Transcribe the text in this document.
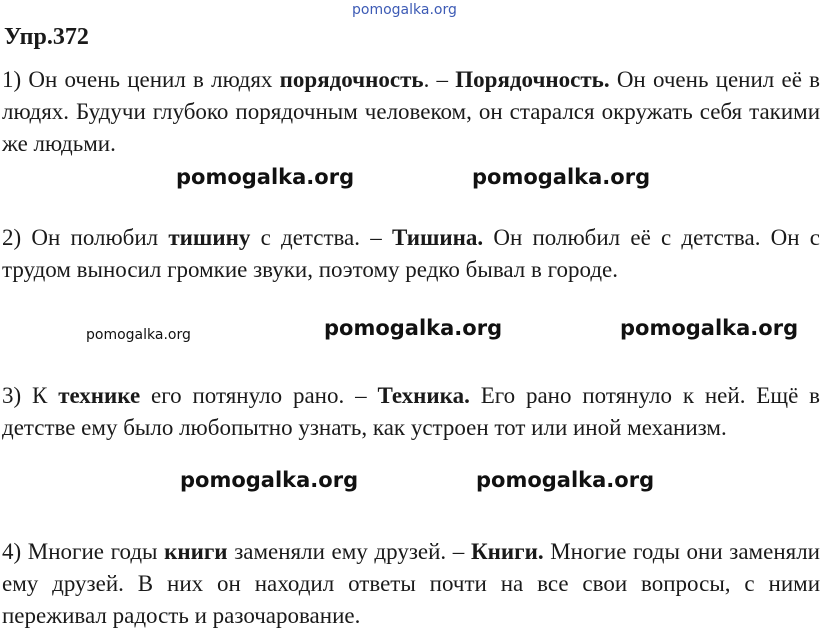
pomogalka.org
Упр.372
1) Он очень ценил в людях порядочность. – Порядочность. Он очень ценил её в людях. Будучи глубоко порядочным человеком, он старался окружать себя такими же людьми.
pomogalka.org	pomogalka.org
2) Он полюбил тишину с детства. – Тишина. Он полюбил её с детства. Он с трудом выносил громкие звуки, поэтому редко бывал в городе.
pomogalka.org	pomogalka.org	pomogalka.org
3) К технике его потянуло рано. – Техника. Его рано потянуло к ней. Ещё в детстве ему было любопытно узнать, как устроен тот или иной механизм.
pomogalka.org	pomogalka.org
4) Многие годы книги заменяли ему друзей. – Книги. Многие годы они заменяли ему друзей. В них он находил ответы почти на все свои вопросы, с ними переживал радость и разочарование.
